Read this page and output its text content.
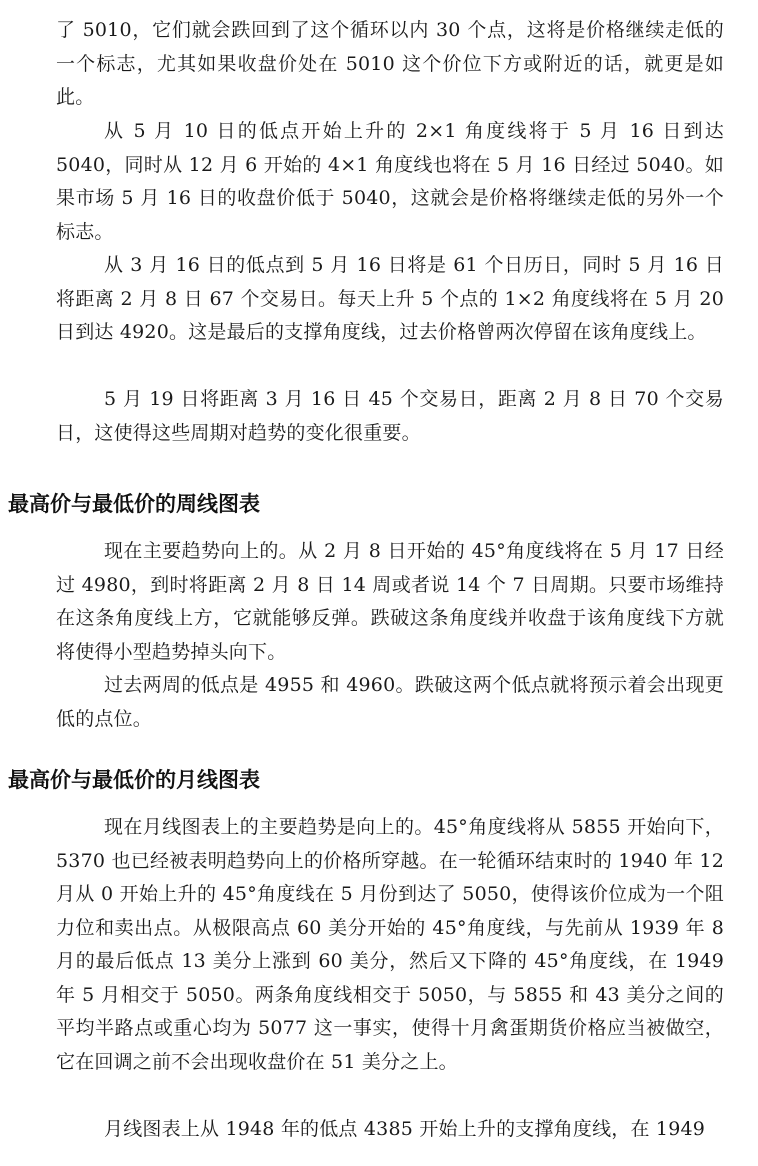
了 5010，它们就会跌回到了这个循环以内 30 个点，这将是价格继续走低的一个标志，尤其如果收盘价处在 5010 这个价位下方或附近的话，就更是如此。

从 5 月 10 日的低点开始上升的 2×1 角度线将于 5 月 16 日到达 5040，同时从 12 月 6 开始的 4×1 角度线也将在 5 月 16 日经过 5040。如果市场 5 月 16 日的收盘价低于 5040，这就会是价格将继续走低的另外一个标志。

从 3 月 16 日的低点到 5 月 16 日将是 61 个日历日，同时 5 月 16 日将距离 2 月 8 日 67 个交易日。每天上升 5 个点的 1×2 角度线将在 5 月 20 日到达 4920。这是最后的支撑角度线，过去价格曾两次停留在该角度线上。

5 月 19 日将距离 3 月 16 日 45 个交易日，距离 2 月 8 日 70 个交易日，这使得这些周期对趋势的变化很重要。

最高价与最低价的周线图表

现在主要趋势向上的。从 2 月 8 日开始的 45°角度线将在 5 月 17 日经过 4980，到时将距离 2 月 8 日 14 周或者说 14 个 7 日周期。只要市场维持在这条角度线上方，它就能够反弹。跌破这条角度线并收盘于该角度线下方就将使得小型趋势掉头向下。

过去两周的低点是 4955 和 4960。跌破这两个低点就将预示着会出现更低的点位。

最高价与最低价的月线图表

现在月线图表上的主要趋势是向上的。45°角度线将从 5855 开始向下，5370 也已经被表明趋势向上的价格所穿越。在一轮循环结束时的 1940 年 12 月从 0 开始上升的 45°角度线在 5 月份到达了 5050，使得该价位成为一个阻力位和卖出点。从极限高点 60 美分开始的 45°角度线，与先前从 1939 年 8 月的最后低点 13 美分上涨到 60 美分，然后又下降的 45°角度线，在 1949 年 5 月相交于 5050。两条角度线相交于 5050，与 5855 和 43 美分之间的平均半路点或重心均为 5077 这一事实，使得十月禽蛋期货价格应当被做空，它在回调之前不会出现收盘价在 51 美分之上。

月线图表上从 1948 年的低点 4385 开始上升的支撑角度线，在 1949
